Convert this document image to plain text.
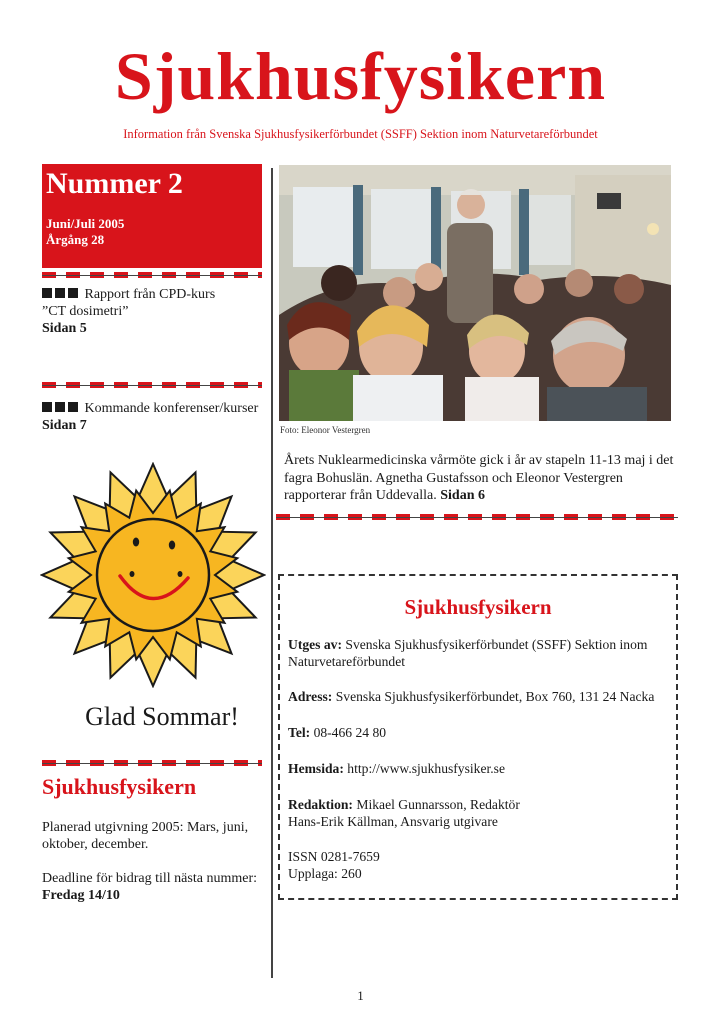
Sjukhusfysikern
Information från Svenska Sjukhusfysikerförbundet (SSFF) Sektion inom Naturvetareförbundet
Nummer 2
Juni/Juli 2005
Årgång 28
Rapport från CPD-kurs
”CT dosimetri”
Sidan 5
Kommande konferenser/kurser
Sidan 7
Glad Sommar!
Sjukhusfysikern
Planerad utgivning 2005: Mars, juni, oktober, december.
Deadline för bidrag till nästa nummer:
Fredag 14/10
Foto: Eleonor Vestergren
Årets Nuklearmedicinska vårmöte gick i år av stapeln 11-13 maj i det fagra Bohuslän. Agnetha Gustafsson och Eleonor Vestergren rapporterar från Uddevalla. Sidan 6
Sjukhusfysikern
Utges av: Svenska Sjukhusfysikerförbundet (SSFF) Sektion inom Naturvetareförbundet
Adress: Svenska Sjukhusfysikerförbundet, Box 760, 131 24 Nacka
Tel: 08-466 24 80
Hemsida: http://www.sjukhusfysiker.se
Redaktion: Mikael Gunnarsson, Redaktör
Hans-Erik Källman, Ansvarig utgivare
ISSN 0281-7659
Upplaga: 260
1
